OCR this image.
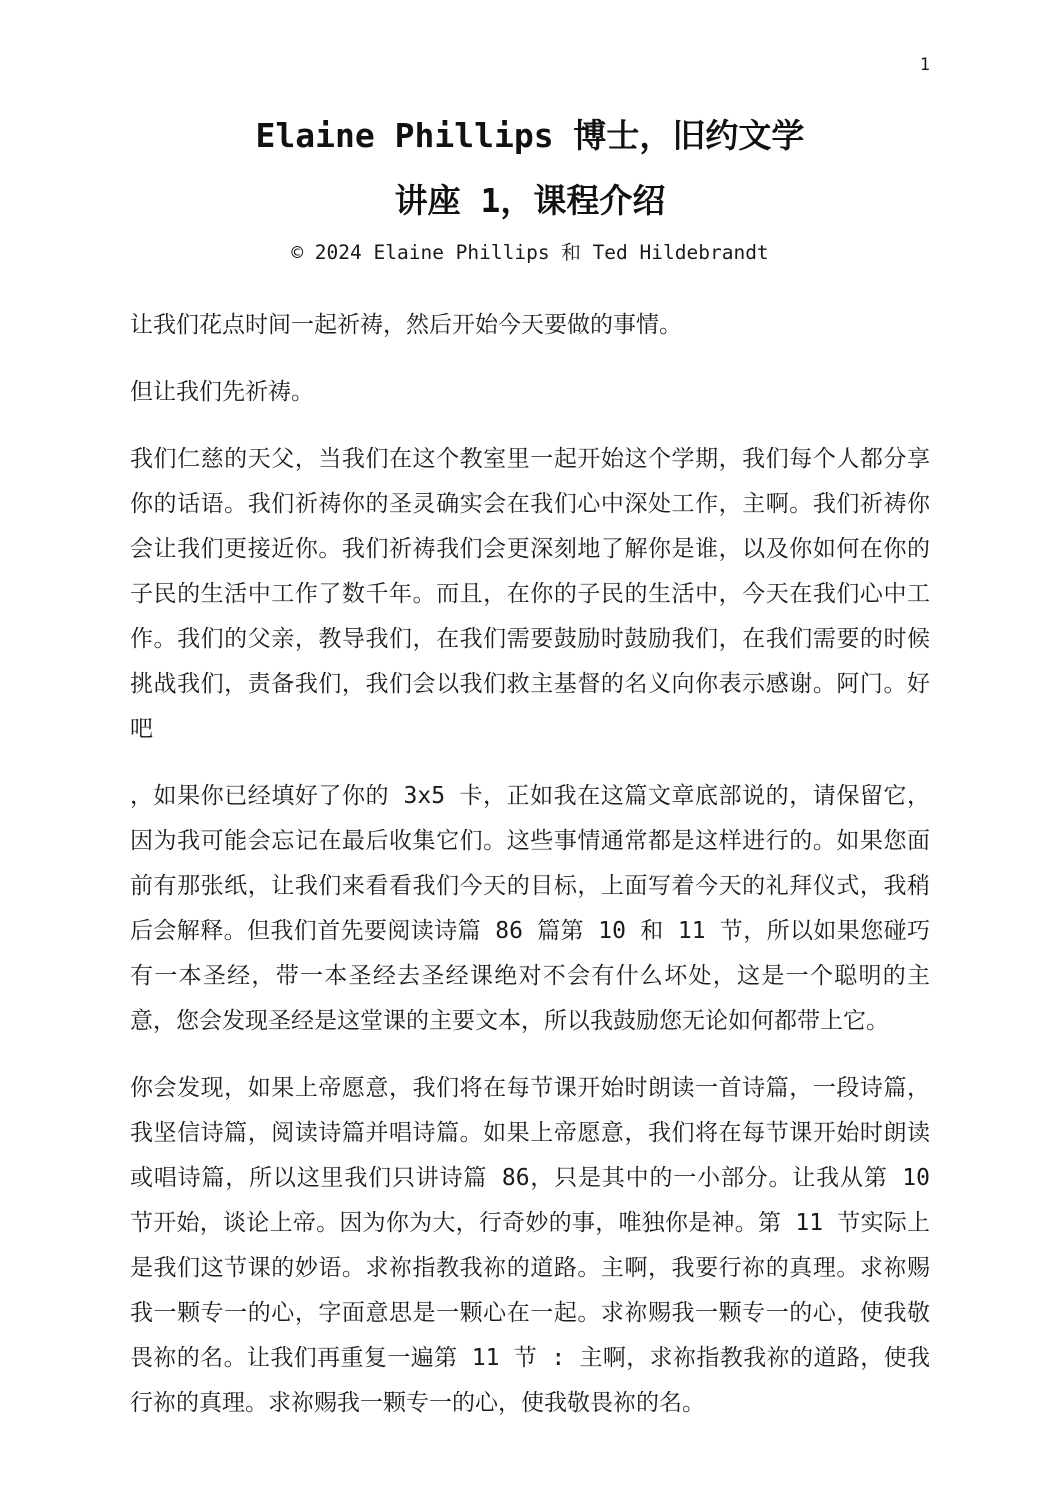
1
Elaine Phillips 博士，旧约文学
讲座 1，课程介绍
© 2024 Elaine Phillips 和 Ted Hildebrandt

让我们花点时间一起祈祷，然后开始今天要做的事情。

但让我们先祈祷。

我们仁慈的天父，当我们在这个教室里一起开始这个学期，我们每个人都分享你的话语。我们祈祷你的圣灵确实会在我们心中深处工作，主啊。我们祈祷你会让我们更接近你。我们祈祷我们会更深刻地了解你是谁，以及你如何在你的子民的生活中工作了数千年。而且，在你的子民的生活中，今天在我们心中工作。我们的父亲，教导我们，在我们需要鼓励时鼓励我们，在我们需要的时候挑战我们，责备我们，我们会以我们救主基督的名义向你表示感谢。阿门。好吧

，如果你已经填好了你的 3x5 卡，正如我在这篇文章底部说的，请保留它，因为我可能会忘记在最后收集它们。这些事情通常都是这样进行的。如果您面前有那张纸，让我们来看看我们今天的目标，上面写着今天的礼拜仪式，我稍后会解释。但我们首先要阅读诗篇 86 篇第 10 和 11 节，所以如果您碰巧有一本圣经，带一本圣经去圣经课绝对不会有什么坏处，这是一个聪明的主意，您会发现圣经是这堂课的主要文本，所以我鼓励您无论如何都带上它。

你会发现，如果上帝愿意，我们将在每节课开始时朗读一首诗篇，一段诗篇，我坚信诗篇，阅读诗篇并唱诗篇。如果上帝愿意，我们将在每节课开始时朗读或唱诗篇，所以这里我们只讲诗篇 86，只是其中的一小部分。让我从第 10 节开始，谈论上帝。因为你为大，行奇妙的事，唯独你是神。第 11 节实际上是我们这节课的妙语。求祢指教我祢的道路。主啊，我要行祢的真理。求祢赐我一颗专一的心，字面意思是一颗心在一起。求祢赐我一颗专一的心，使我敬畏祢的名。让我们再重复一遍第 11 节 : 主啊，求祢指教我祢的道路，使我行祢的真理。求祢赐我一颗专一的心，使我敬畏祢的名。
